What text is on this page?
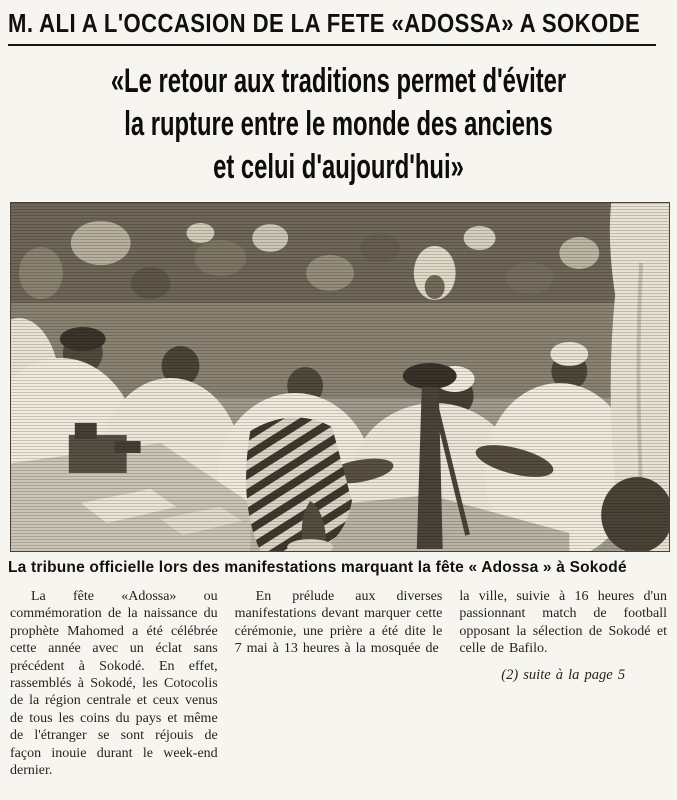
M. ALI A L'OCCASION DE LA FETE «ADOSSA» A SOKODE
«Le retour aux traditions permet d'éviter
la rupture entre le monde des anciens
et celui d'aujourd'hui»
La tribune officielle lors des manifestations marquant la fête « Adossa » à Sokodé

La fête «Adossa» ou commémoration de la naissance du prophète Mahomed a été célébrée cette année avec un éclat sans précédent à Sokodé. En effet, rassemblés à Sokodé, les Cotocolis de la région centrale et ceux venus de tous les coins du pays et même de l'étranger se sont réjouis de façon inouie durant le week-end dernier.

En prélude aux diverses manifestations devant marquer cette cérémonie, une prière a été dite le 7 mai à 13 heures à la mosquée de

la ville, suivie à 16 heures d'un passionnant match de football opposant la sélection de Sokodé et celle de Bafilo.

(2) suite à la page 5
